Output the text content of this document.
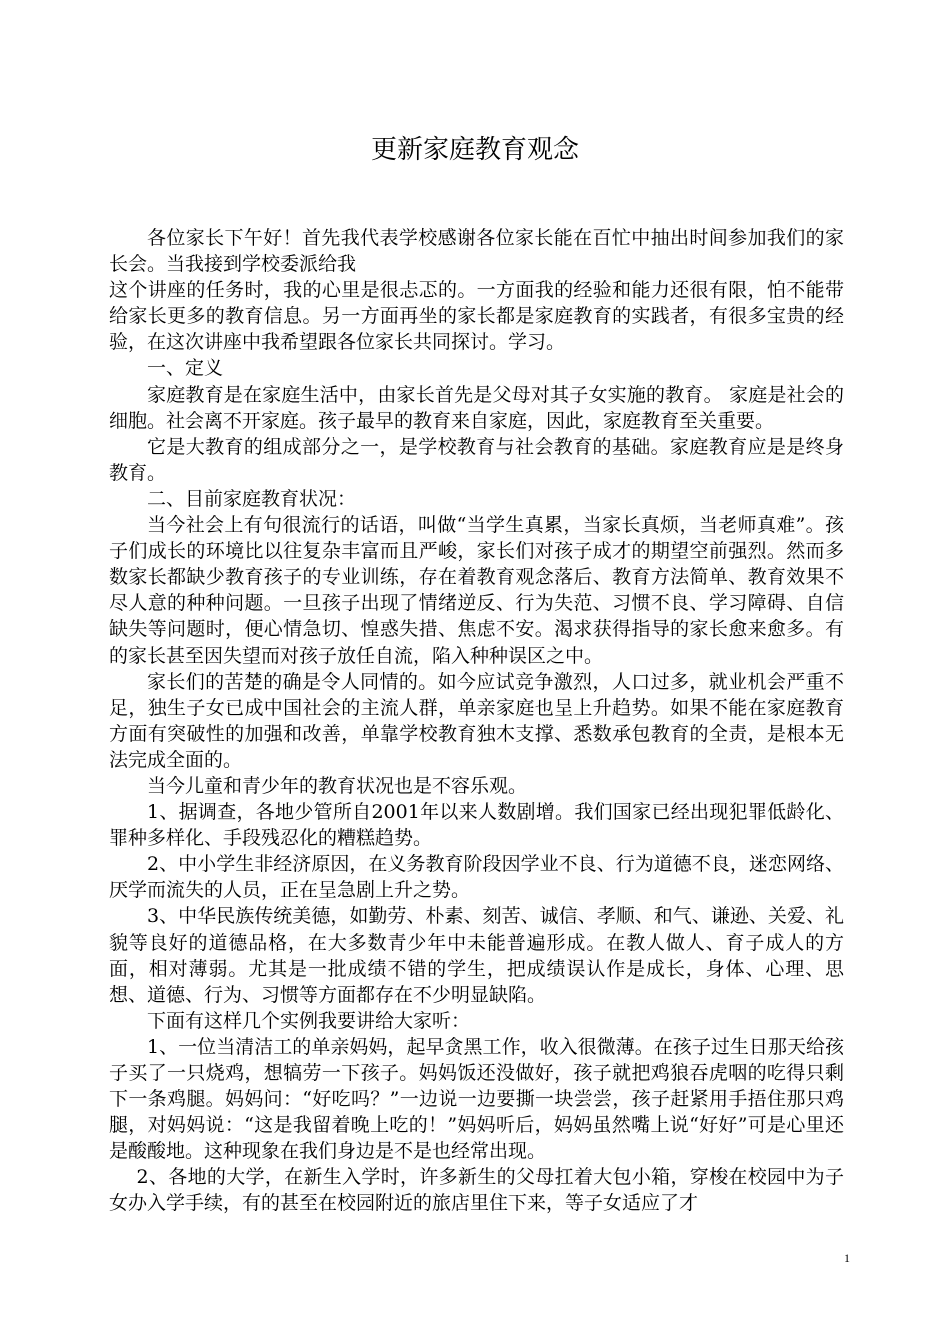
更新家庭教育观念

各位家长下午好！首先我代表学校感谢各位家长能在百忙中抽出时间参加我们的家长会。当我接到学校委派给我

这个讲座的任务时，我的心里是很忐忑的。一方面我的经验和能力还很有限，怕不能带给家长更多的教育信息。另一方面再坐的家长都是家庭教育的实践者，有很多宝贵的经验，在这次讲座中我希望跟各位家长共同探讨。学习。

一、定义

家庭教育是在家庭生活中，由家长首先是父母对其子女实施的教育。 家庭是社会的细胞。社会离不开家庭。孩子最早的教育来自家庭，因此，家庭教育至关重要。

它是大教育的组成部分之一，是学校教育与社会教育的基础。家庭教育应是是终身教育。

二、目前家庭教育状况：

当今社会上有句很流行的话语，叫做“当学生真累，当家长真烦，当老师真难”。孩子们成长的环境比以往复杂丰富而且严峻，家长们对孩子成才的期望空前强烈。然而多数家长都缺少教育孩子的专业训练，存在着教育观念落后、教育方法简单、教育效果不尽人意的种种问题。一旦孩子出现了情绪逆反、行为失范、习惯不良、学习障碍、自信缺失等问题时，便心情急切、惶惑失措、焦虑不安。渴求获得指导的家长愈来愈多。有的家长甚至因失望而对孩子放任自流，陷入种种误区之中。

家长们的苦楚的确是令人同情的。如今应试竞争激烈，人口过多，就业机会严重不足，独生子女已成中国社会的主流人群，单亲家庭也呈上升趋势。如果不能在家庭教育方面有突破性的加强和改善，单靠学校教育独木支撑、悉数承包教育的全责，是根本无法完成全面的。

当今儿童和青少年的教育状况也是不容乐观。

1、据调查，各地少管所自2001年以来人数剧增。我们国家已经出现犯罪低龄化、罪种多样化、手段残忍化的糟糕趋势。

2、中小学生非经济原因，在义务教育阶段因学业不良、行为道德不良，迷恋网络、厌学而流失的人员，正在呈急剧上升之势。

3、中华民族传统美德，如勤劳、朴素、刻苦、诚信、孝顺、和气、谦逊、关爱、礼貌等良好的道德品格，在大多数青少年中未能普遍形成。在教人做人、育子成人的方面，相对薄弱。尤其是一批成绩不错的学生，把成绩误认作是成长，身体、心理、思想、道德、行为、习惯等方面都存在不少明显缺陷。

下面有这样几个实例我要讲给大家听：

1、一位当清洁工的单亲妈妈，起早贪黑工作，收入很微薄。在孩子过生日那天给孩子买了一只烧鸡，想犒劳一下孩子。妈妈饭还没做好，孩子就把鸡狼吞虎咽的吃得只剩下一条鸡腿。妈妈问：“好吃吗？”一边说一边要撕一块尝尝，孩子赶紧用手捂住那只鸡腿，对妈妈说：“这是我留着晚上吃的！”妈妈听后，妈妈虽然嘴上说“好好”可是心里还是酸酸地。这种现象在我们身边是不是也经常出现。

2、各地的大学，在新生入学时，许多新生的父母扛着大包小箱，穿梭在校园中为子女办入学手续，有的甚至在校园附近的旅店里住下来，等子女适应了才

1
